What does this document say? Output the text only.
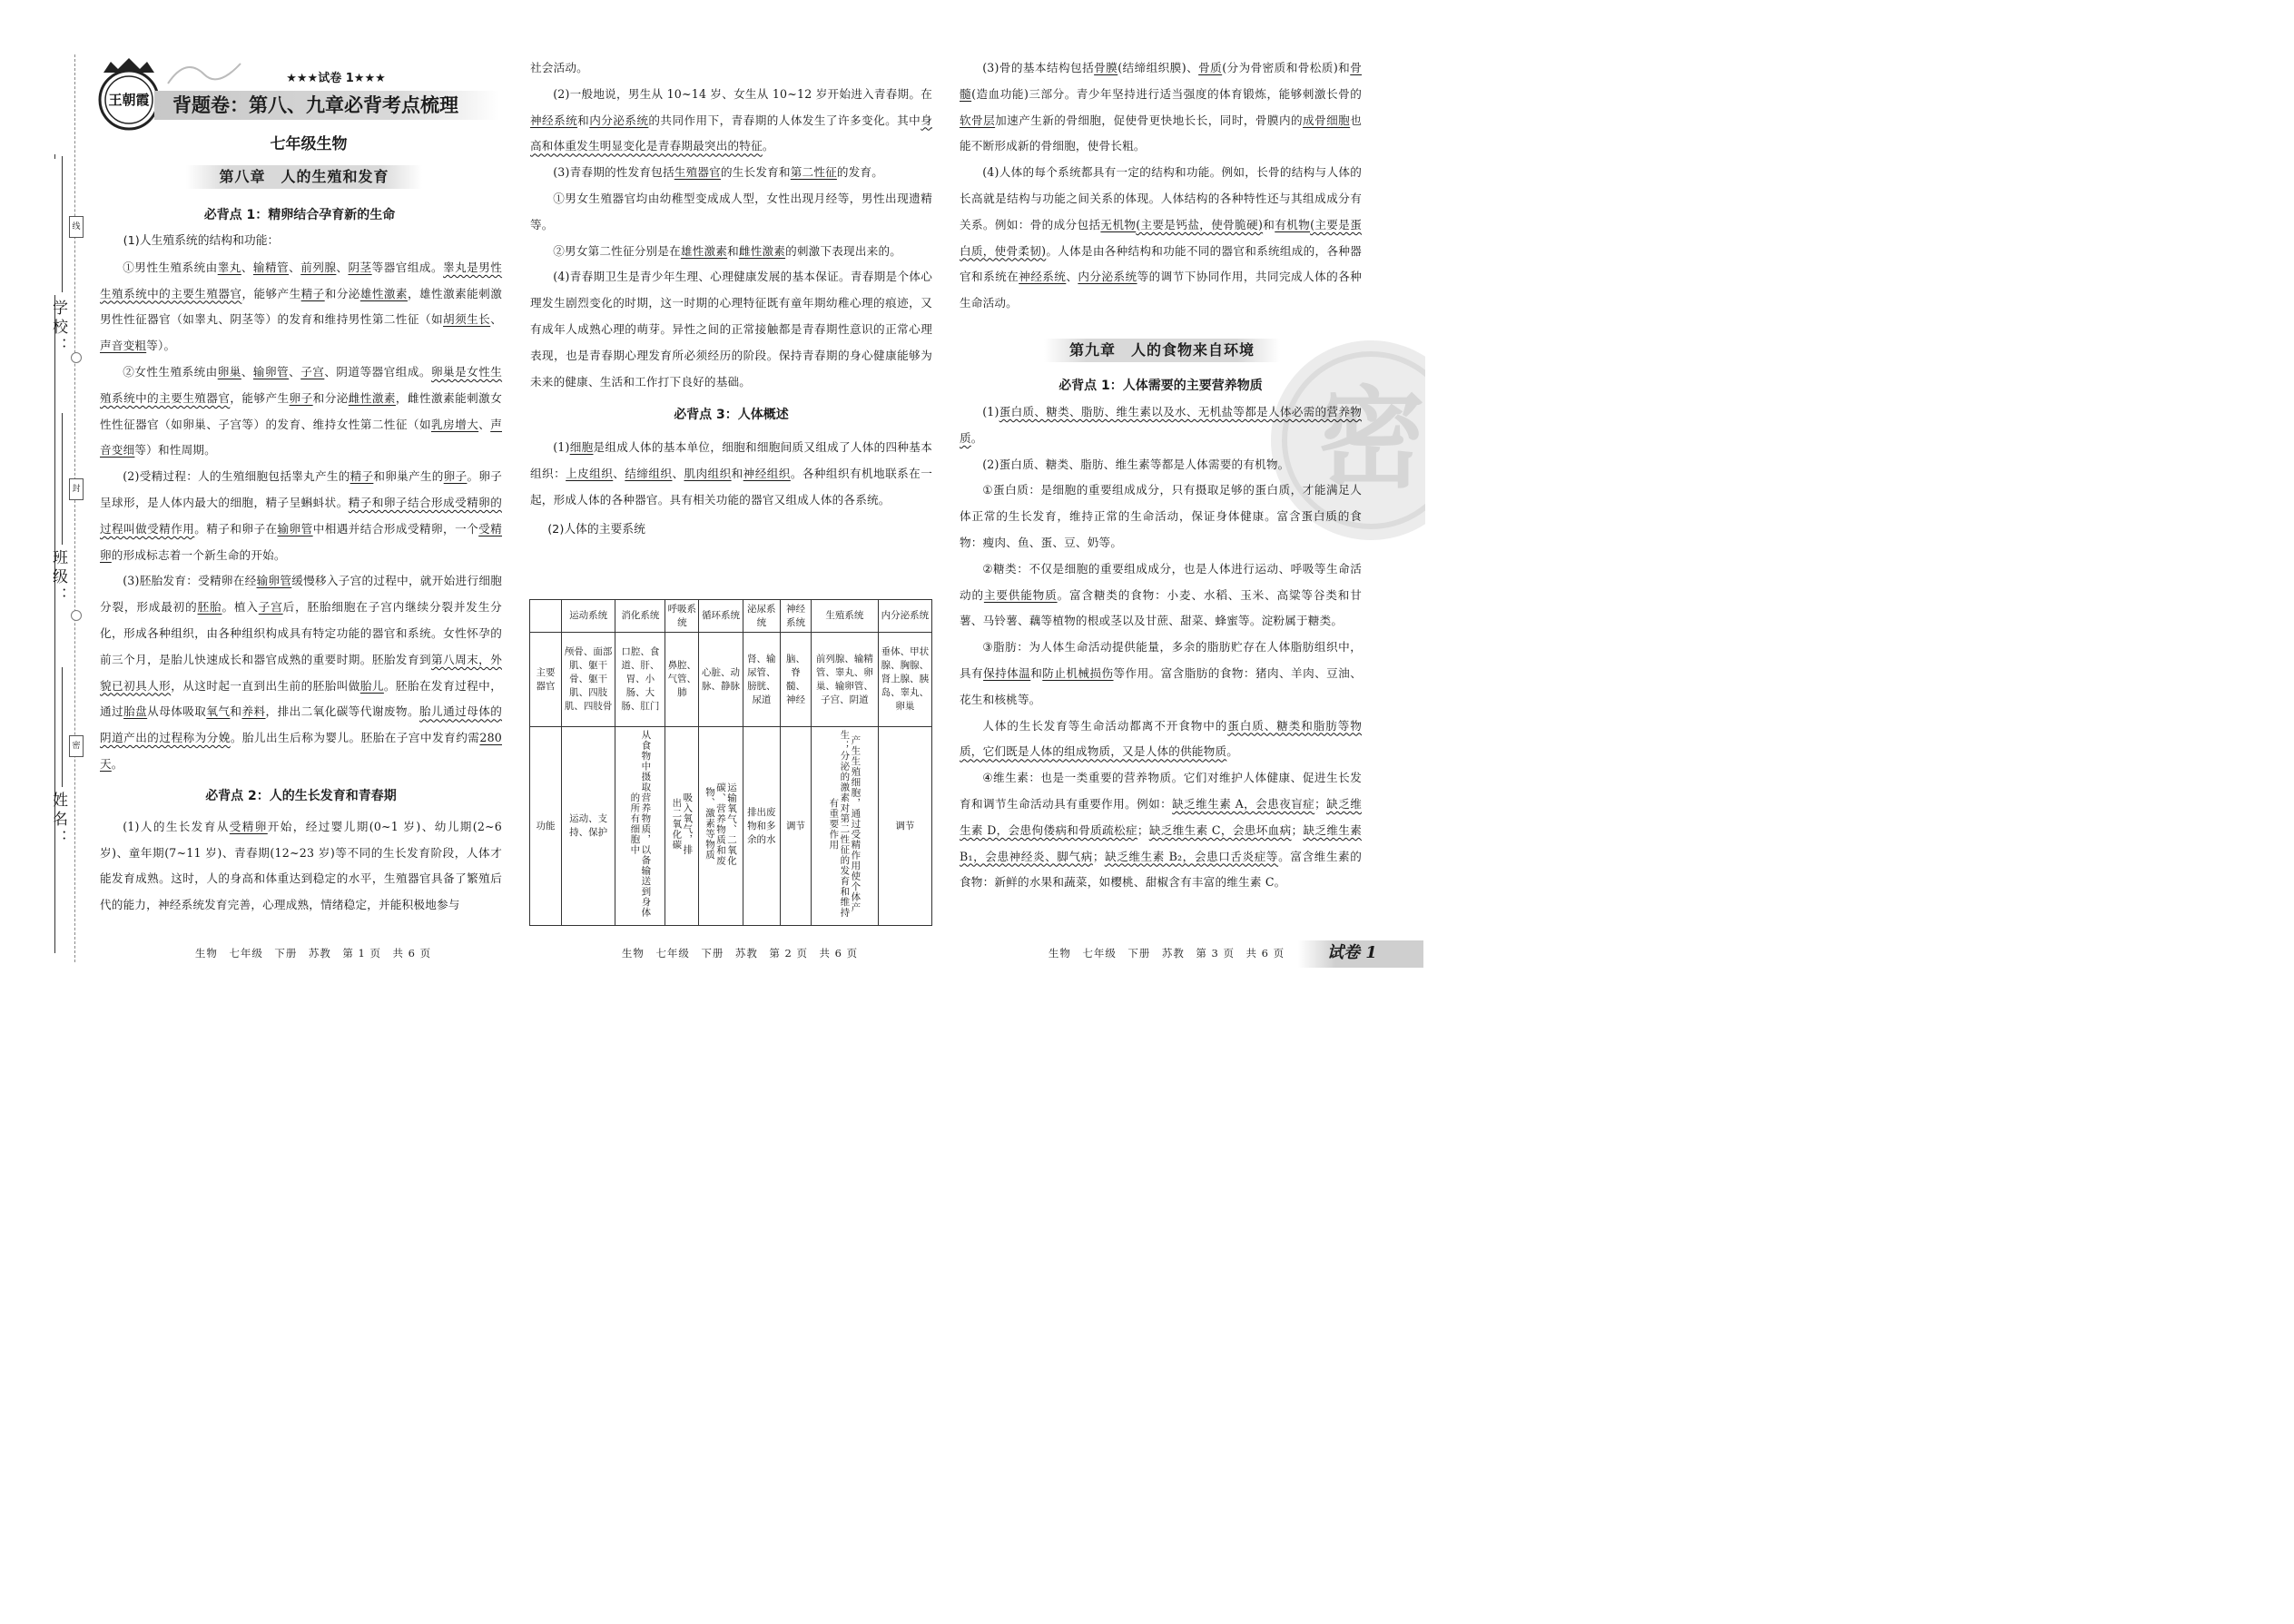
学校：
班级：
姓名：
线
封
密
王朝霞
★★★试卷 1★★★
背题卷：第八、九章必背考点梳理
七年级生物
第八章　人的生殖和发育
必背点 1：精卵结合孕育新的生命
(1)人生殖系统的结构和功能：

①男性生殖系统由睾丸、输精管、前列腺、阴茎等器官组成。睾丸是男性生殖系统中的主要生殖器官，能够产生精子和分泌雄性激素，雄性激素能刺激男性性征器官（如睾丸、阴茎等）的发育和维持男性第二性征（如胡须生长、声音变粗等）。

②女性生殖系统由卵巢、输卵管、子宫、阴道等器官组成。卵巢是女性生殖系统中的主要生殖器官，能够产生卵子和分泌雌性激素，雌性激素能刺激女性性征器官（如卵巢、子宫等）的发育、维持女性第二性征（如乳房增大、声音变细等）和性周期。

(2)受精过程：人的生殖细胞包括睾丸产生的精子和卵巢产生的卵子。卵子呈球形，是人体内最大的细胞，精子呈蝌蚪状。精子和卵子结合形成受精卵的过程叫做受精作用。精子和卵子在输卵管中相遇并结合形成受精卵，一个受精卵的形成标志着一个新生命的开始。

(3)胚胎发育：受精卵在经输卵管缓慢移入子宫的过程中，就开始进行细胞分裂，形成最初的胚胎。植入子宫后，胚胎细胞在子宫内继续分裂并发生分化，形成各种组织，由各种组织构成具有特定功能的器官和系统。女性怀孕的前三个月，是胎儿快速成长和器官成熟的重要时期。胚胎发育到第八周末，外貌已初具人形，从这时起一直到出生前的胚胎叫做胎儿。胚胎在发育过程中，通过胎盘从母体吸取氧气和养料，排出二氧化碳等代谢废物。胎儿通过母体的阴道产出的过程称为分娩。胎儿出生后称为婴儿。胚胎在子宫中发育约需280 天。

必背点 2：人的生长发育和青春期

(1)人的生长发育从受精卵开始，经过婴儿期(0~1 岁)、幼儿期(2~6 岁)、童年期(7~11 岁)、青春期(12~23 岁)等不同的生长发育阶段，人体才能发育成熟。这时，人的身高和体重达到稳定的水平，生殖器官具备了繁殖后代的能力，神经系统发育完善，心理成熟，情绪稳定，并能积极地参与

社会活动。

(2)一般地说，男生从 10~14 岁、女生从 10~12 岁开始进入青春期。在神经系统和内分泌系统的共同作用下，青春期的人体发生了许多变化。其中身高和体重发生明显变化是青春期最突出的特征。

(3)青春期的性发育包括生殖器官的生长发育和第二性征的发育。

①男女生殖器官均由幼稚型变成成人型，女性出现月经等，男性出现遗精等。

②男女第二性征分别是在雄性激素和雌性激素的刺激下表现出来的。

(4)青春期卫生是青少年生理、心理健康发展的基本保证。青春期是个体心理发生剧烈变化的时期，这一时期的心理特征既有童年期幼稚心理的痕迹，又有成年人成熟心理的萌芽。异性之间的正常接触都是青春期性意识的正常心理表现，也是青春期心理发育所必须经历的阶段。保持青春期的身心健康能够为未来的健康、生活和工作打下良好的基础。

必背点 3：人体概述

(1)细胞是组成人体的基本单位，细胞和细胞间质又组成了人体的四种基本组织：上皮组织、结缔组织、肌肉组织和神经组织。各种组织有机地联系在一起，形成人体的各种器官。具有相关功能的器官又组成人体的各系统。

(2)人体的主要系统
	运动系统	消化系统	呼吸系统	循环系统	泌尿系统	神经系统	生殖系统	内分泌系统
主要器官	颅骨、面部肌、躯干骨、躯干肌、四肢肌、四肢骨	口腔、食道、肝、胃、小肠、大肠、肛门	鼻腔、气管、肺	心脏、动脉、静脉	肾、输尿管、膀胱、尿道	脑、脊髓、神经	前列腺、输精管、睾丸、卵巢、输卵管、子宫、阴道	垂体、甲状腺、胸腺、肾上腺、胰岛、睾丸、卵巢
功能	运动、支持、保护	从食物中摄取营养物质，以备输送到身体的所有细胞中	吸入氧气，排出二氧化碳	运输氧气、二氧化碳、营养物质和废物、激素等物质	排出废物和多余的水	调节	产生生殖细胞，通过受精作用使个体产生；分泌的激素对第二性征的发育和维持有重要作用	调节
密

(3)骨的基本结构包括骨膜(结缔组织膜)、骨质(分为骨密质和骨松质)和骨髓(造血功能)三部分。青少年坚持进行适当强度的体育锻炼，能够刺激长骨的软骨层加速产生新的骨细胞，促使骨更快地长长，同时，骨膜内的成骨细胞也能不断形成新的骨细胞，使骨长粗。

(4)人体的每个系统都具有一定的结构和功能。例如，长骨的结构与人体的长高就是结构与功能之间关系的体现。人体结构的各种特性还与其组成成分有关系。例如：骨的成分包括无机物(主要是钙盐，使骨脆硬)和有机物(主要是蛋白质，使骨柔韧)。人体是由各种结构和功能不同的器官和系统组成的，各种器官和系统在神经系统、内分泌系统等的调节下协同作用，共同完成人体的各种生命活动。

第九章　人的食物来自环境
必背点 1：人体需要的主要营养物质

(1)蛋白质、糖类、脂肪、维生素以及水、无机盐等都是人体必需的营养物质。

(2)蛋白质、糖类、脂肪、维生素等都是人体需要的有机物。

①蛋白质：是细胞的重要组成成分，只有摄取足够的蛋白质，才能满足人体正常的生长发育，维持正常的生命活动，保证身体健康。富含蛋白质的食物：瘦肉、鱼、蛋、豆、奶等。

②糖类：不仅是细胞的重要组成成分，也是人体进行运动、呼吸等生命活动的主要供能物质。富含糖类的食物：小麦、水稻、玉米、高粱等谷类和甘薯、马铃薯、藕等植物的根或茎以及甘蔗、甜菜、蜂蜜等。淀粉属于糖类。

③脂肪：为人体生命活动提供能量，多余的脂肪贮存在人体脂肪组织中，具有保持体温和防止机械损伤等作用。富含脂肪的食物：猪肉、羊肉、豆油、花生和核桃等。

人体的生长发育等生命活动都离不开食物中的蛋白质、糖类和脂肪等物质，它们既是人体的组成物质，又是人体的供能物质。

④维生素：也是一类重要的营养物质。它们对维护人体健康、促进生长发育和调节生命活动具有重要作用。例如：缺乏维生素 A，会患夜盲症；缺乏维生素 D，会患佝偻病和骨质疏松症；缺乏维生素 C，会患坏血病；缺乏维生素 B₁，会患神经炎、脚气病；缺乏维生素 B₂，会患口舌炎症等。富含维生素的食物：新鲜的水果和蔬菜，如樱桃、甜椒含有丰富的维生素 C。

生物　七年级　下册　苏教　第 1 页　共 6 页	生物　七年级　下册　苏教　第 2 页　共 6 页	生物　七年级　下册　苏教　第 3 页　共 6 页	试卷 1
